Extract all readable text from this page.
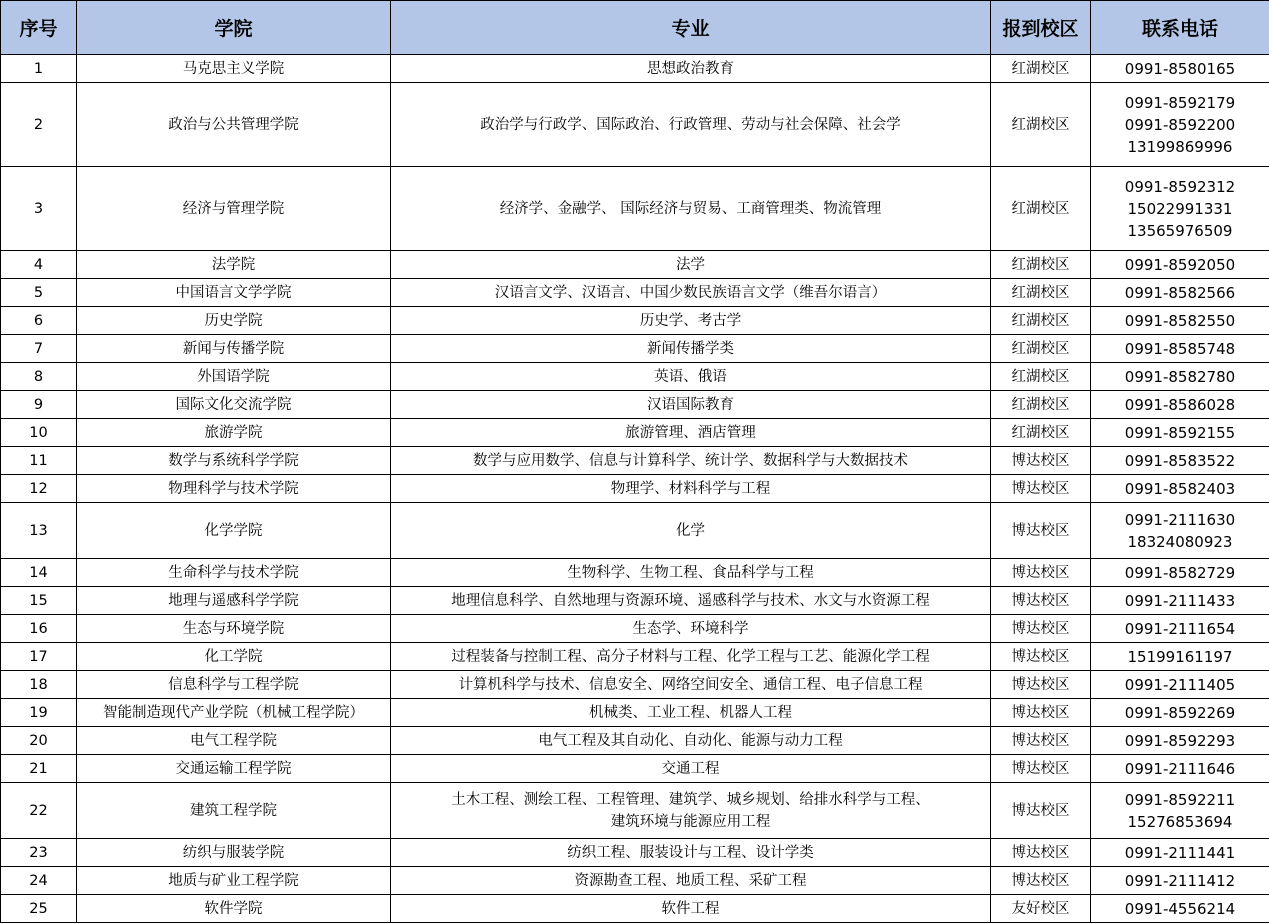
序号	学院	专业	报到校区	联系电话
1	马克思主义学院	思想政治教育	红湖校区	0991-8580165

2	政治与公共管理学院	政治学与行政学、国际政治、行政管理、劳动与社会保障、社会学	红湖校区	0991-8592179
0991-8592200
13199869996

3	经济与管理学院	经济学、金融学、 国际经济与贸易、工商管理类、物流管理	红湖校区	0991-8592312
15022991331
13565976509

4	法学院	法学	红湖校区	0991-8592050

5	中国语言文学学院	汉语言文学、汉语言、中国少数民族语言文学（维吾尔语言）	红湖校区	0991-8582566

6	历史学院	历史学、考古学	红湖校区	0991-8582550

7	新闻与传播学院	新闻传播学类	红湖校区	0991-8585748

8	外国语学院	英语、俄语	红湖校区	0991-8582780

9	国际文化交流学院	汉语国际教育	红湖校区	0991-8586028

10	旅游学院	旅游管理、酒店管理	红湖校区	0991-8592155

11	数学与系统科学学院	数学与应用数学、信息与计算科学、统计学、数据科学与大数据技术	博达校区	0991-8583522

12	物理科学与技术学院	物理学、材料科学与工程	博达校区	0991-8582403

13	化学学院	化学	博达校区	0991-2111630
18324080923

14	生命科学与技术学院	生物科学、生物工程、食品科学与工程	博达校区	0991-8582729

15	地理与遥感科学学院	地理信息科学、自然地理与资源环境、遥感科学与技术、水文与水资源工程	博达校区	0991-2111433

16	生态与环境学院	生态学、环境科学	博达校区	0991-2111654

17	化工学院	过程装备与控制工程、高分子材料与工程、化学工程与工艺、能源化学工程	博达校区	15199161197

18	信息科学与工程学院	计算机科学与技术、信息安全、网络空间安全、通信工程、电子信息工程	博达校区	0991-2111405

19	智能制造现代产业学院（机械工程学院）	机械类、工业工程、机器人工程	博达校区	0991-8592269

20	电气工程学院	电气工程及其自动化、自动化、能源与动力工程	博达校区	0991-8592293

21	交通运输工程学院	交通工程	博达校区	0991-2111646

22	建筑工程学院	土木工程、测绘工程、工程管理、建筑学、城乡规划、给排水科学与工程、
建筑环境与能源应用工程	博达校区	0991-8592211
15276853694

23	纺织与服装学院	纺织工程、服装设计与工程、设计学类	博达校区	0991-2111441

24	地质与矿业工程学院	资源勘查工程、地质工程、采矿工程	博达校区	0991-2111412

25	软件学院	软件工程	友好校区	0991-4556214
